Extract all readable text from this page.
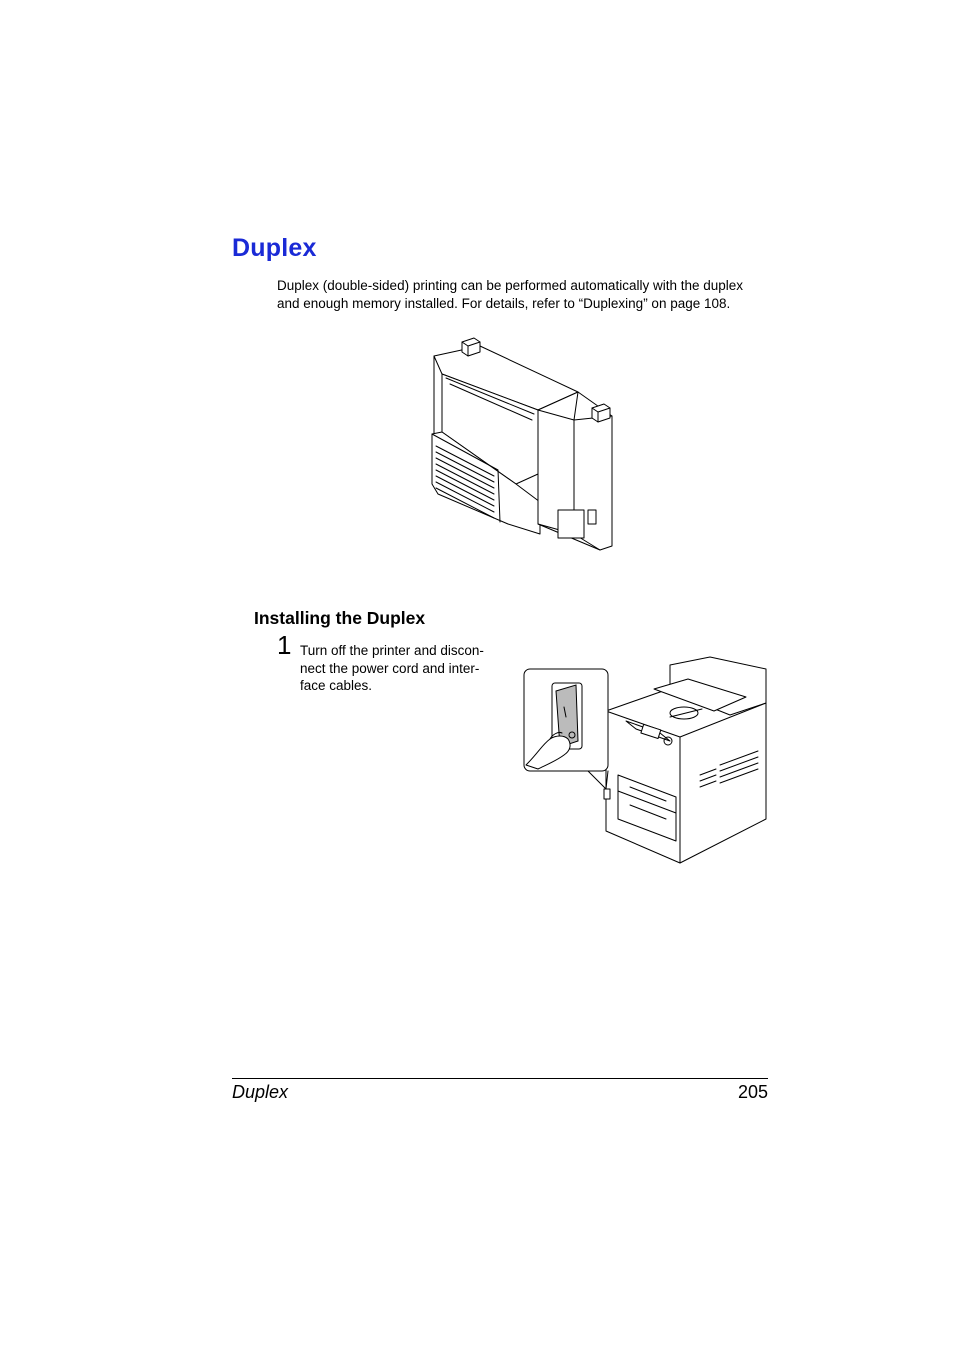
Duplex

Duplex (double-sided) printing can be performed automatically with the duplex and enough memory installed. For details, refer to “Duplexing” on page 108.

Installing the Duplex
1 Turn off the printer and discon-nect the power cord and inter-face cables.

Duplex	205
